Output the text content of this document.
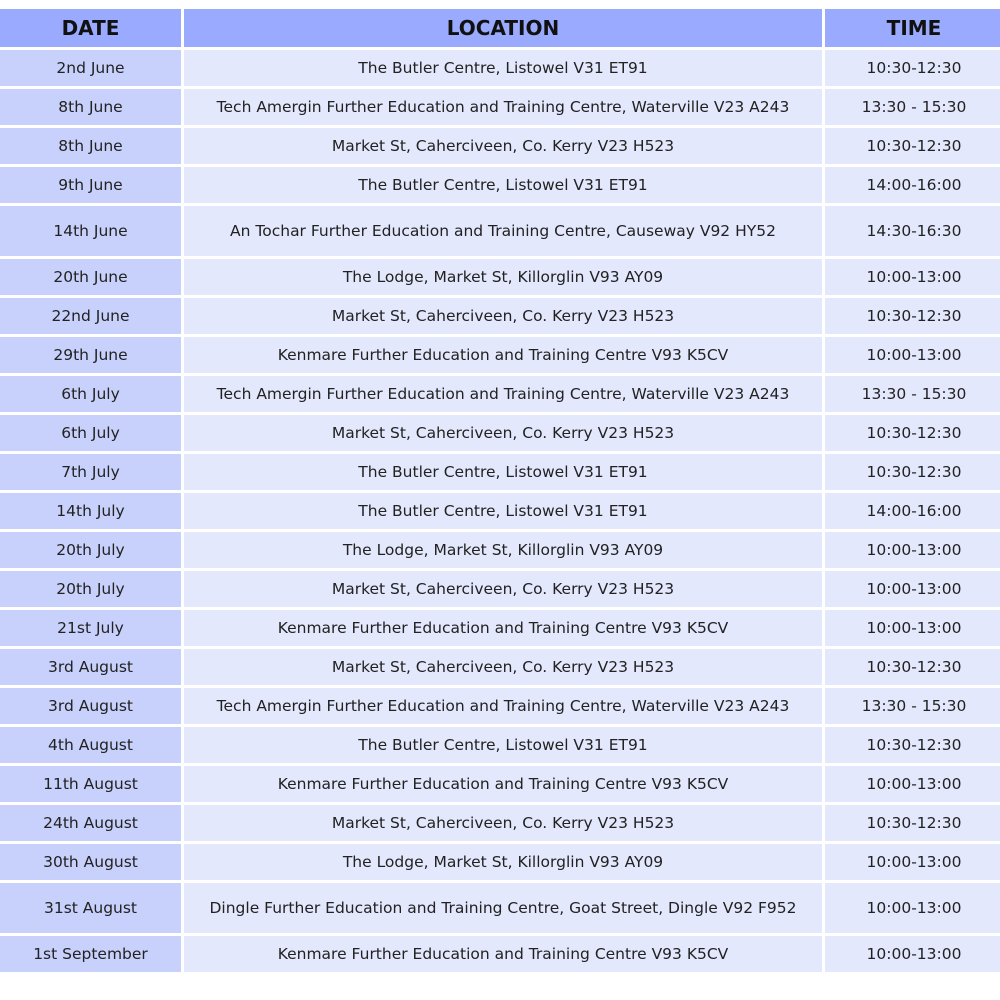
DATE	LOCATION	TIME
2nd June	The Butler Centre, Listowel V31 ET91	10:30-12:30
8th June	Tech Amergin Further Education and Training Centre, Waterville V23 A243	13:30 - 15:30
8th June	Market St, Caherciveen, Co. Kerry V23 H523	10:30-12:30
9th June	The Butler Centre, Listowel V31 ET91	14:00-16:00
14th June	An Tochar Further Education and Training Centre, Causeway V92 HY52	14:30-16:30
20th June	The Lodge, Market St, Killorglin V93 AY09	10:00-13:00
22nd June	Market St, Caherciveen, Co. Kerry V23 H523	10:30-12:30
29th June	Kenmare Further Education and Training Centre V93 K5CV	10:00-13:00
6th July	Tech Amergin Further Education and Training Centre, Waterville V23 A243	13:30 - 15:30
6th July	Market St, Caherciveen, Co. Kerry V23 H523	10:30-12:30
7th July	The Butler Centre, Listowel V31 ET91	10:30-12:30
14th July	The Butler Centre, Listowel V31 ET91	14:00-16:00
20th July	The Lodge, Market St, Killorglin V93 AY09	10:00-13:00
20th July	Market St, Caherciveen, Co. Kerry V23 H523	10:00-13:00
21st July	Kenmare Further Education and Training Centre V93 K5CV	10:00-13:00
3rd August	Market St, Caherciveen, Co. Kerry V23 H523	10:30-12:30
3rd August	Tech Amergin Further Education and Training Centre, Waterville V23 A243	13:30 - 15:30
4th August	The Butler Centre, Listowel V31 ET91	10:30-12:30
11th August	Kenmare Further Education and Training Centre V93 K5CV	10:00-13:00
24th August	Market St, Caherciveen, Co. Kerry V23 H523	10:30-12:30
30th August	The Lodge, Market St, Killorglin V93 AY09	10:00-13:00
31st August	Dingle Further Education and Training Centre, Goat Street, Dingle V92 F952	10:00-13:00
1st September	Kenmare Further Education and Training Centre V93 K5CV	10:00-13:00
